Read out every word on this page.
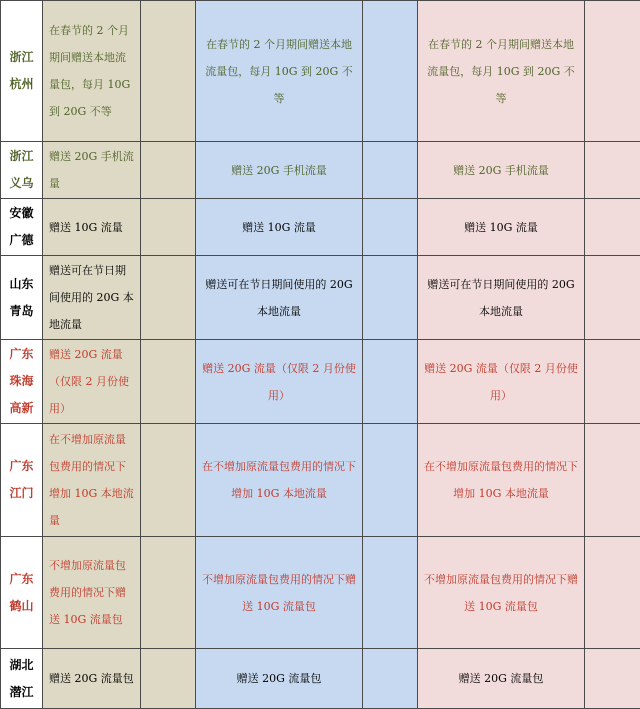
浙江杭州	在春节的 2 个月期间赠送本地流量包，每月 10G 到 20G 不等		在春节的 2 个月期间赠送本地流量包，每月 10G 到 20G 不等		在春节的 2 个月期间赠送本地流量包，每月 10G 到 20G 不等	
浙江义乌	赠送 20G 手机流量		赠送 20G 手机流量		赠送 20G 手机流量	
安徽广德	赠送 10G 流量		赠送 10G 流量		赠送 10G 流量	
山东青岛	赠送可在节日期间使用的 20G 本地流量		赠送可在节日期间使用的 20G 本地流量		赠送可在节日期间使用的 20G 本地流量	
广东珠海高新	赠送 20G 流量（仅限 2 月份使用）		赠送 20G 流量（仅限 2 月份使用）		赠送 20G 流量（仅限 2 月份使用）	
广东江门	在不增加原流量包费用的情况下增加 10G 本地流量		在不增加原流量包费用的情况下增加 10G 本地流量		在不增加原流量包费用的情况下增加 10G 本地流量	
广东鹤山	不增加原流量包费用的情况下赠送 10G 流量包		不增加原流量包费用的情况下赠送 10G 流量包		不增加原流量包费用的情况下赠送 10G 流量包	
湖北潜江	赠送 20G 流量包		赠送 20G 流量包		赠送 20G 流量包	
